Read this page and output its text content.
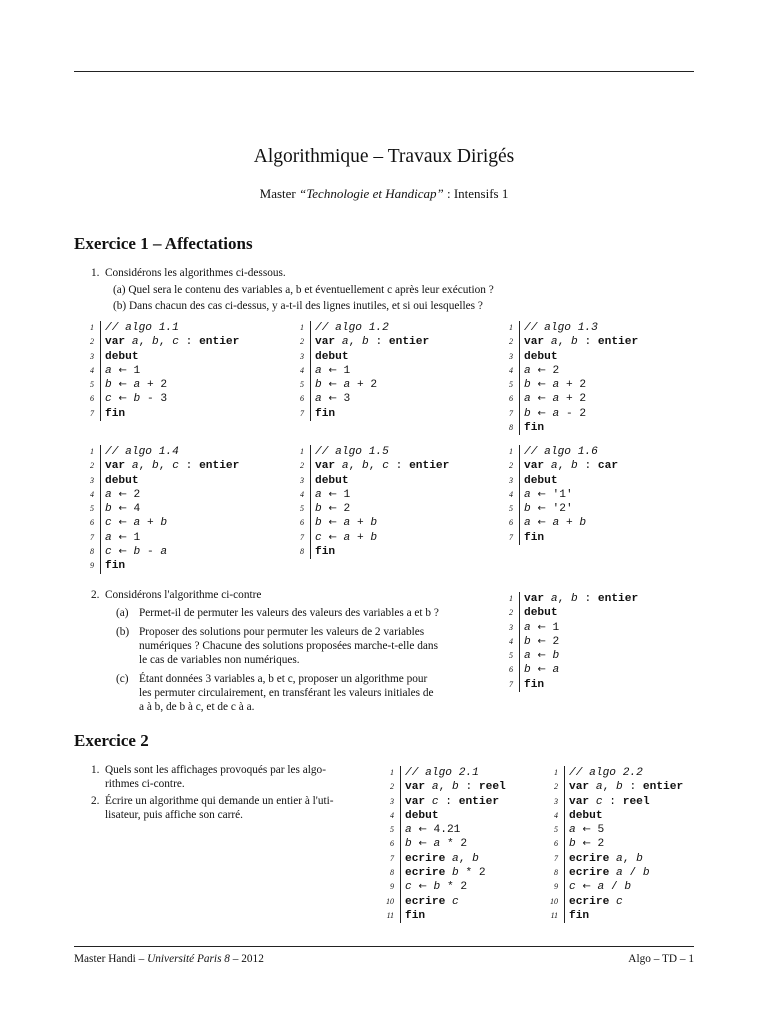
Algorithmique – Travaux Dirigés
Master “Technologie et Handicap” : Intensifs 1
Exercice 1 – Affectations
1. Considérons les algorithmes ci-dessous.
(a) Quel sera le contenu des variables a, b et éventuellement c après leur exécution ?
(b) Dans chacun des cas ci-dessus, y a-t-il des lignes inutiles, et si oui lesquelles ?
1 // algo 1.1
2 var a, b, c : entier
3 debut
4 a ← 1
5 b ← a + 2
6 c ← b - 3
7 fin
1 // algo 1.2
2 var a, b : entier
3 debut
4 a ← 1
5 b ← a + 2
6 a ← 3
7 fin
1 // algo 1.3
2 var a, b : entier
3 debut
4 a ← 2
5 b ← a + 2
6 a ← a + 2
7 b ← a - 2
8 fin
1 // algo 1.4
2 var a, b, c : entier
3 debut
4 a ← 2
5 b ← 4
6 c ← a + b
7 a ← 1
8 c ← b - a
9 fin
1 // algo 1.5
2 var a, b, c : entier
3 debut
4 a ← 1
5 b ← 2
6 b ← a + b
7 c ← a + b
8 fin
1 // algo 1.6
2 var a, b : car
3 debut
4 a ← '1'
5 b ← '2'
6 a ← a + b
7 fin
2. Considérons l'algorithme ci-contre
(a) Permet-il de permuter les valeurs des valeurs des variables a et b ?
(b) Proposer des solutions pour permuter les valeurs de 2 variables
numériques ? Chacune des solutions proposées marche-t-elle dans
le cas de variables non numériques.
(c) Étant données 3 variables a, b et c, proposer un algorithme pour
les permuter circulairement, en transférant les valeurs initiales de
a à b, de b à c, et de c à a.
1 var a, b : entier
2 debut
3 a ← 1
4 b ← 2
5 a ← b
6 b ← a
7 fin
Exercice 2
1. Quels sont les affichages provoqués par les algo-
rithmes ci-contre.
2. Écrire un algorithme qui demande un entier à l'uti-
lisateur, puis affiche son carré.
1 // algo 2.1
2 var a, b : reel
3 var c : entier
4 debut
5 a ← 4.21
6 b ← a * 2
7 ecrire a, b
8 ecrire b * 2
9 c ← b * 2
10 ecrire c
11 fin
1 // algo 2.2
2 var a, b : entier
3 var c : reel
4 debut
5 a ← 5
6 b ← 2
7 ecrire a, b
8 ecrire a / b
9 c ← a / b
10 ecrire c
11 fin
Master Handi – Université Paris 8 – 2012	Algo – TD – 1
